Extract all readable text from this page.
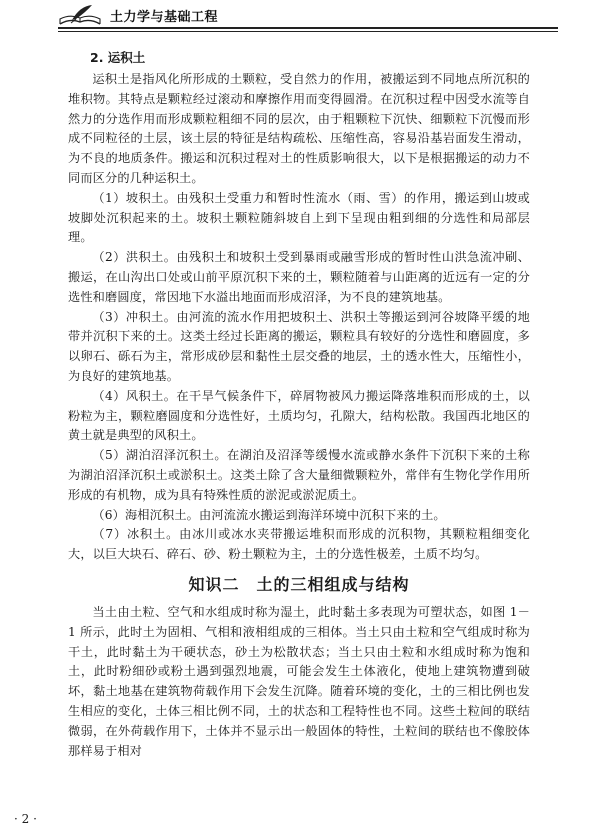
土力学与基础工程
2. 运积土

运积土是指风化所形成的土颗粒，受自然力的作用，被搬运到不同地点所沉积的堆积物。其特点是颗粒经过滚动和摩擦作用而变得圆滑。在沉积过程中因受水流等自然力的分选作用而形成颗粒粗细不同的层次，由于粗颗粒下沉快、细颗粒下沉慢而形成不同粒径的土层，该土层的特征是结构疏松、压缩性高，容易沿基岩面发生滑动，为不良的地质条件。搬运和沉积过程对土的性质影响很大，以下是根据搬运的动力不同而区分的几种运积土。

（1）坡积土。由残积土受重力和暂时性流水（雨、雪）的作用，搬运到山坡或坡脚处沉积起来的土。坡积土颗粒随斜坡自上到下呈现由粗到细的分选性和局部层理。

（2）洪积土。由残积土和坡积土受到暴雨或融雪形成的暂时性山洪急流冲刷、搬运，在山沟出口处或山前平原沉积下来的土，颗粒随着与山距离的近远有一定的分选性和磨圆度，常因地下水溢出地面而形成沼泽，为不良的建筑地基。

（3）冲积土。由河流的流水作用把坡积土、洪积土等搬运到河谷坡降平缓的地带并沉积下来的土。这类土经过长距离的搬运，颗粒具有较好的分选性和磨圆度，多以卵石、砾石为主，常形成砂层和黏性土层交叠的地层，土的透水性大，压缩性小，为良好的建筑地基。

（4）风积土。在干旱气候条件下，碎屑物被风力搬运降落堆积而形成的土，以粉粒为主，颗粒磨圆度和分选性好，土质均匀，孔隙大，结构松散。我国西北地区的黄土就是典型的风积土。

（5）湖泊沼泽沉积土。在湖泊及沼泽等缓慢水流或静水条件下沉积下来的土称为湖泊沼泽沉积土或淤积土。这类土除了含大量细微颗粒外，常伴有生物化学作用所形成的有机物，成为具有特殊性质的淤泥或淤泥质土。

（6）海相沉积土。由河流流水搬运到海洋环境中沉积下来的土。

（7）冰积土。由冰川或冰水夹带搬运堆积而形成的沉积物，其颗粒粗细变化大，以巨大块石、碎石、砂、粉土颗粒为主，土的分选性极差，土质不均匀。

知识二　土的三相组成与结构

当土由土粒、空气和水组成时称为湿土，此时黏土多表现为可塑状态，如图 1－1 所示，此时土为固相、气相和液相组成的三相体。当土只由土粒和空气组成时称为干土，此时黏土为干硬状态，砂土为松散状态；当土只由土粒和水组成时称为饱和土，此时粉细砂或粉土遇到强烈地震，可能会发生土体液化，使地上建筑物遭到破坏，黏土地基在建筑物荷载作用下会发生沉降。随着环境的变化，土的三相比例也发生相应的变化，土体三相比例不同，土的状态和工程特性也不同。这些土粒间的联结微弱，在外荷载作用下，土体并不显示出一般固体的特性，土粒间的联结也不像胶体那样易于相对

· 2 ·
